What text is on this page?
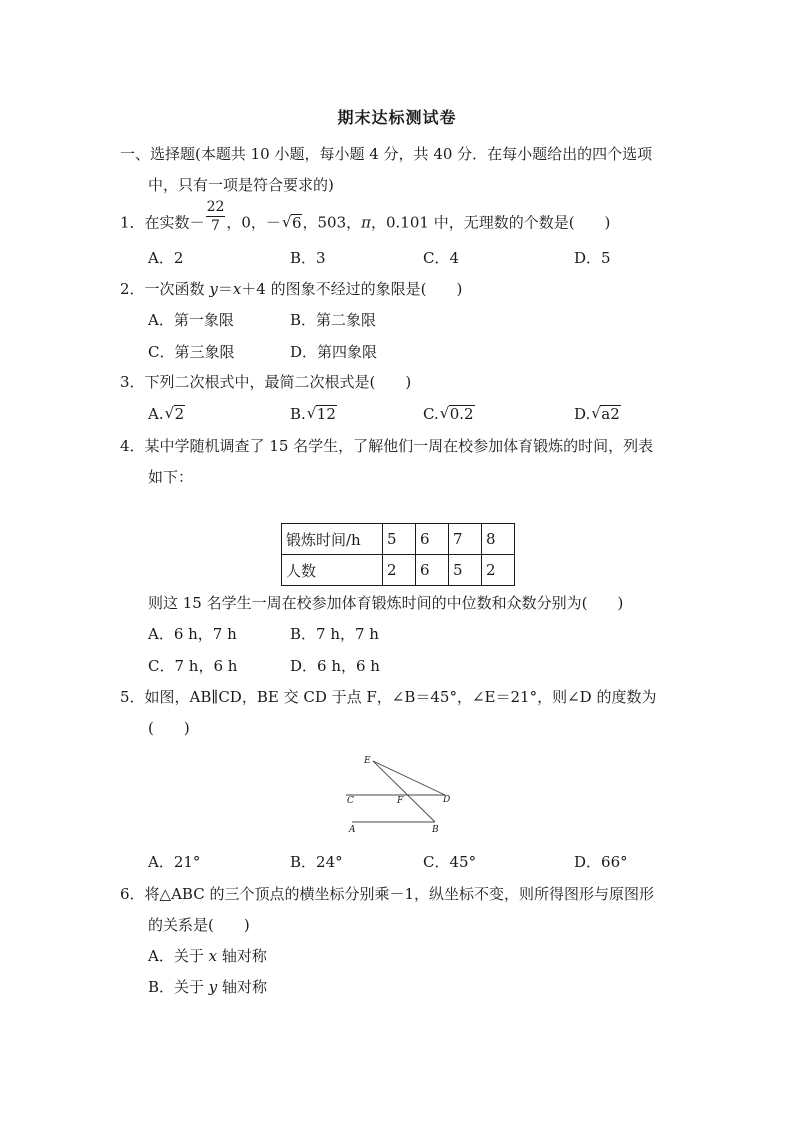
期末达标测试卷
一、选择题(本题共 10 小题，每小题 4 分，共 40 分．在每小题给出的四个选项
中，只有一项是符合要求的)
1．在实数－ $\frac{22}{7}$ ，0，－ √ 6，503，π，0.101 中，无理数的个数是(　　)
A．2	B．3	C．4	D．5
2．一次函数 y＝x＋4 的图象不经过的象限是(　　)
A．第一象限	B．第二象限
C．第三象限	D．第四象限
3．下列二次根式中，最简二次根式是(　　)
A. √ 2	B. √ 12	C. √ 0.2	D. √ a2
4．某中学随机调查了 15 名学生，了解他们一周在校参加体育锻炼的时间，列表
如下：
锻炼时间/h	5	6	7	8
人数	2	6	5	2
则这 15 名学生一周在校参加体育锻炼时间的中位数和众数分别为(　　)
A．6 h，7 h	B．7 h，7 h
C．7 h，6 h	D．6 h，6 h
5．如图，AB∥CD，BE 交 CD 于点 F，∠B＝45°，∠E＝21°，则∠D 的度数为
(　　)
E
C	F	D
A	B
A．21°	B．24°	C．45°	D．66°
6．将△ABC 的三个顶点的横坐标分别乘－1，纵坐标不变，则所得图形与原图形
的关系是(　　)
A．关于 x 轴对称
B．关于 y 轴对称
